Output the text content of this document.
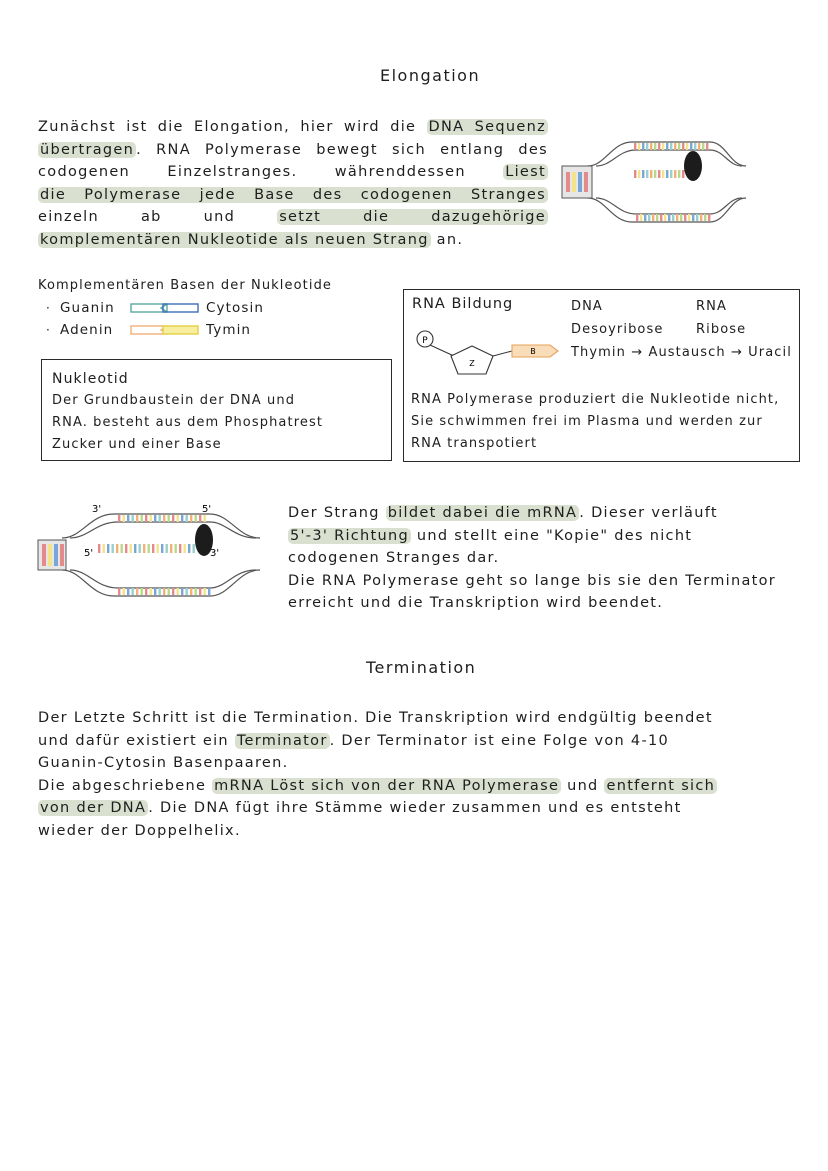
Elongation
Zunächst ist die Elongation, hier wird die DNA Sequenz
übertragen . RNA Polymerase bewegt sich entlang des
codogenen Einzelstranges. währenddessen Liest
die Polymerase jede Base des codogenen Stranges
einzeln ab und setzt die dazugehörige
komplementären Nukleotide als neuen Strang an.
Komplementären Basen der Nukleotide
· Guanin	Cytosin
· Adenin	Tymin
Nukleotid
Der Grundbaustein der DNA und
RNA. besteht aus dem Phosphatrest
Zucker und einer Base
RNA Bildung
P
Z
B
DNA	RNA
Desoyribose	Ribose
Thymin → Austausch → Uracil
RNA Polymerase produziert die Nukleotide nicht,
Sie schwimmen frei im Plasma und werden zur
RNA transpotiert
3'	5'
5'	3'
Der Strang bildet dabei die mRNA . Dieser verläuft
5'-3' Richtung und stellt eine "Kopie" des nicht
codogenen Stranges dar.
Die RNA Polymerase geht so lange bis sie den Terminator
erreicht und die Transkription wird beendet.
Termination
Der Letzte Schritt ist die Termination. Die Transkription wird endgültig beendet
und dafür existiert ein Terminator . Der Terminator ist eine Folge von 4-10
Guanin-Cytosin Basenpaaren.
Die abgeschriebene mRNA Löst sich von der RNA Polymerase und entfernt sich
von der DNA . Die DNA fügt ihre Stämme wieder zusammen und es entsteht
wieder der Doppelhelix.
